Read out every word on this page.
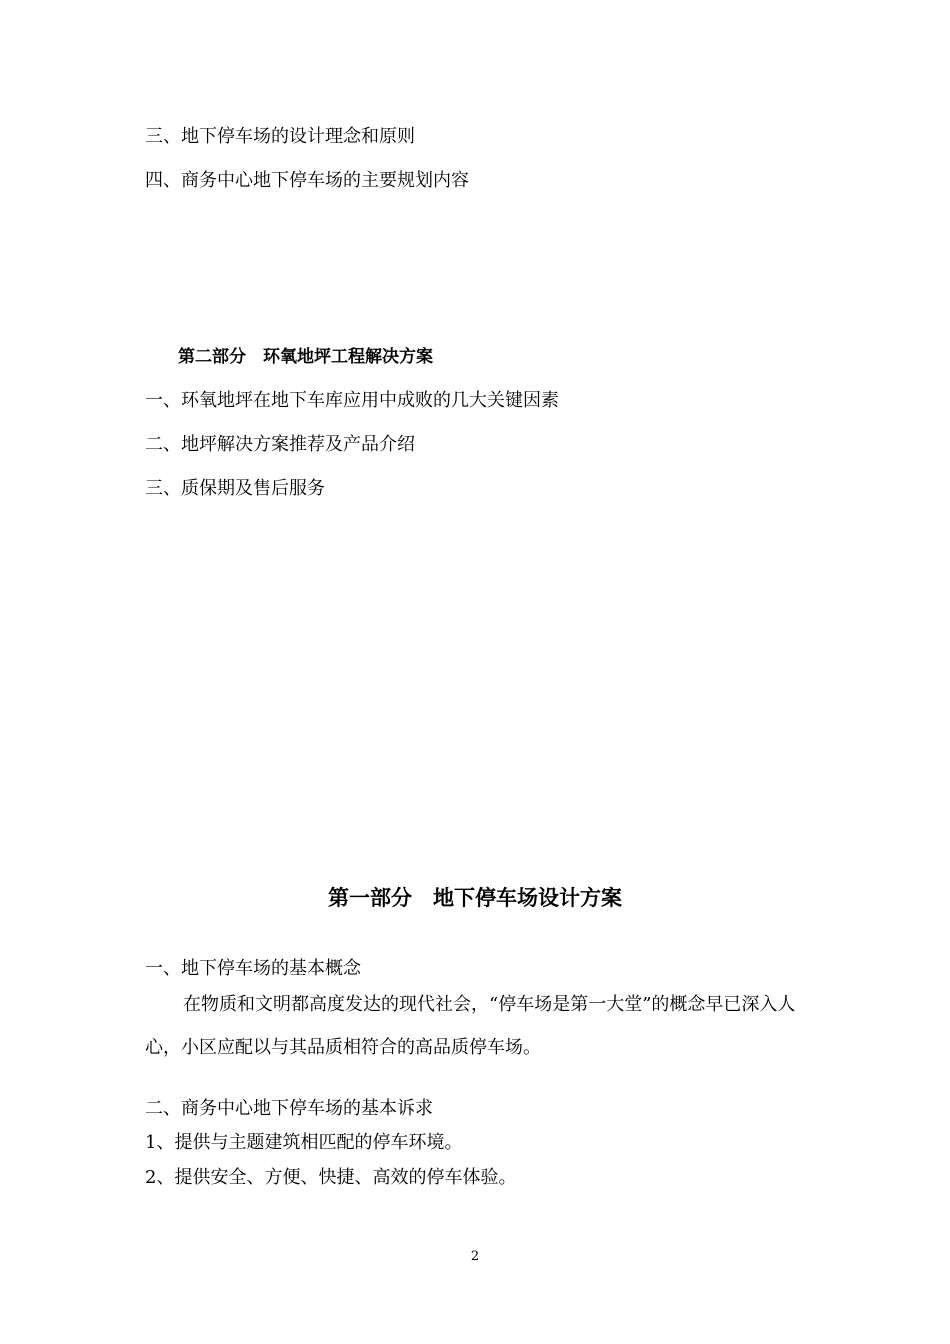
三、地下停车场的设计理念和原则

四、商务中心地下停车场的主要规划内容

第二部分　环氧地坪工程解决方案

一、环氧地坪在地下车库应用中成败的几大关键因素

二、地坪解决方案推荐及产品介绍

三、质保期及售后服务

第一部分　地下停车场设计方案

一、地下停车场的基本概念

在物质和文明都高度发达的现代社会，“停车场是第一大堂”的概念早已深入人心，小区应配以与其品质相符合的高品质停车场。

二、商务中心地下停车场的基本诉求

1、提供与主题建筑相匹配的停车环境。

2、提供安全、方便、快捷、高效的停车体验。

2
